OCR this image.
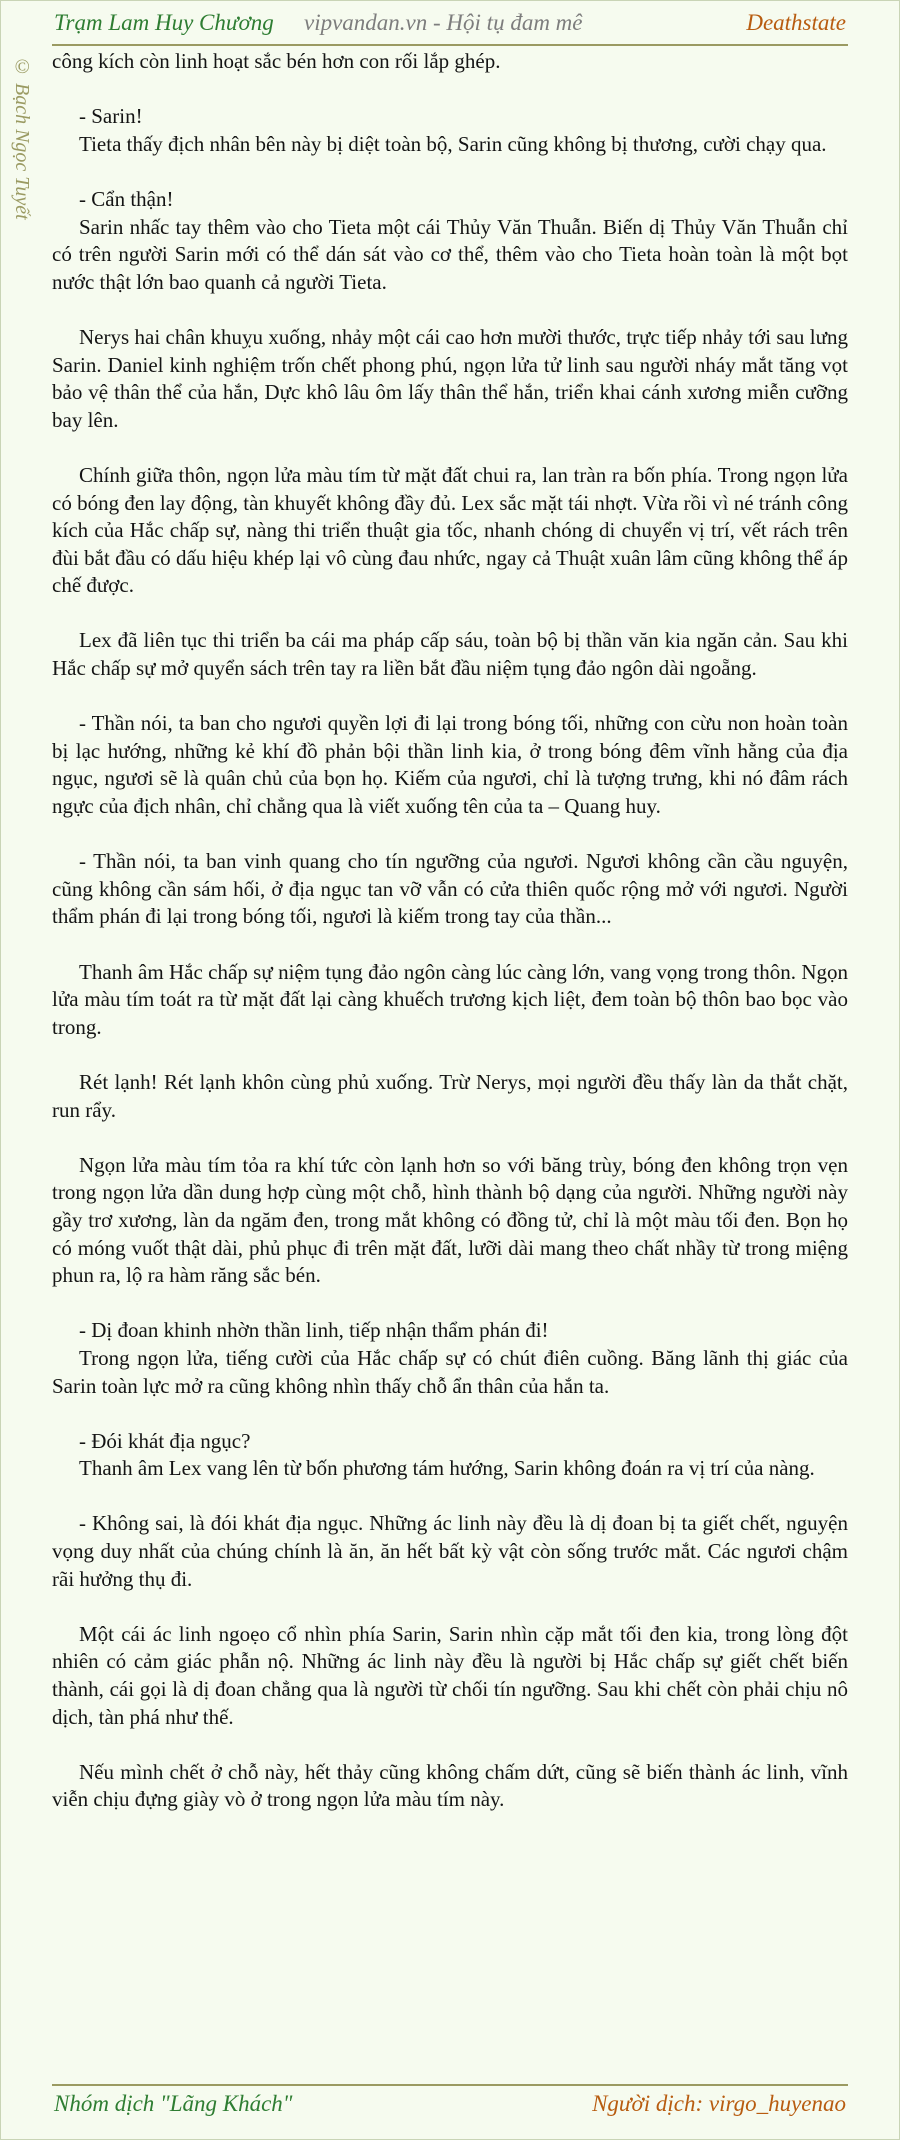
Trạm Lam Huy Chương vipvandan.vn - Hội tụ đam mê	Deathstate
© Bạch Ngọc Tuyết công kích còn linh hoạt sắc bén hơn con rối lắp ghép.

- Sarin!

Tieta thấy địch nhân bên này bị diệt toàn bộ, Sarin cũng không bị thương, cười chạy qua.

- Cẩn thận!

Sarin nhấc tay thêm vào cho Tieta một cái Thủy Văn Thuẫn. Biến dị Thủy Văn Thuẫn chỉ có trên người Sarin mới có thể dán sát vào cơ thể, thêm vào cho Tieta hoàn toàn là một bọt nước thật lớn bao quanh cả người Tieta.

Nerys hai chân khuỵu xuống, nhảy một cái cao hơn mười thước, trực tiếp nhảy tới sau lưng Sarin. Daniel kinh nghiệm trốn chết phong phú, ngọn lửa tử linh sau người nháy mắt tăng vọt bảo vệ thân thể của hắn, Dực khô lâu ôm lấy thân thể hắn, triển khai cánh xương miễn cưỡng bay lên.

Chính giữa thôn, ngọn lửa màu tím từ mặt đất chui ra, lan tràn ra bốn phía. Trong ngọn lửa có bóng đen lay động, tàn khuyết không đầy đủ. Lex sắc mặt tái nhợt. Vừa rồi vì né tránh công kích của Hắc chấp sự, nàng thi triển thuật gia tốc, nhanh chóng di chuyển vị trí, vết rách trên đùi bắt đầu có dấu hiệu khép lại vô cùng đau nhức, ngay cả Thuật xuân lâm cũng không thể áp chế được.

Lex đã liên tục thi triển ba cái ma pháp cấp sáu, toàn bộ bị thần văn kia ngăn cản. Sau khi Hắc chấp sự mở quyển sách trên tay ra liền bắt đầu niệm tụng đảo ngôn dài ngoẵng.

- Thần nói, ta ban cho ngươi quyền lợi đi lại trong bóng tối, những con cừu non hoàn toàn bị lạc hướng, những kẻ khí đồ phản bội thần linh kia, ở trong bóng đêm vĩnh hằng của địa ngục, ngươi sẽ là quân chủ của bọn họ. Kiếm của ngươi, chỉ là tượng trưng, khi nó đâm rách ngực của địch nhân, chỉ chẳng qua là viết xuống tên của ta – Quang huy.

- Thần nói, ta ban vinh quang cho tín ngưỡng của ngươi. Ngươi không cần cầu nguyện, cũng không cần sám hối, ở địa ngục tan vỡ vẫn có cửa thiên quốc rộng mở với ngươi. Người thẩm phán đi lại trong bóng tối, ngươi là kiếm trong tay của thần...

Thanh âm Hắc chấp sự niệm tụng đảo ngôn càng lúc càng lớn, vang vọng trong thôn. Ngọn lửa màu tím toát ra từ mặt đất lại càng khuếch trương kịch liệt, đem toàn bộ thôn bao bọc vào trong.

Rét lạnh! Rét lạnh khôn cùng phủ xuống. Trừ Nerys, mọi người đều thấy làn da thắt chặt, run rẩy.

Ngọn lửa màu tím tỏa ra khí tức còn lạnh hơn so với băng trùy, bóng đen không trọn vẹn trong ngọn lửa dần dung hợp cùng một chỗ, hình thành bộ dạng của người. Những người này gầy trơ xương, làn da ngăm đen, trong mắt không có đồng tử, chỉ là một màu tối đen. Bọn họ có móng vuốt thật dài, phủ phục đi trên mặt đất, lưỡi dài mang theo chất nhầy từ trong miệng phun ra, lộ ra hàm răng sắc bén.

- Dị đoan khinh nhờn thần linh, tiếp nhận thẩm phán đi!

Trong ngọn lửa, tiếng cười của Hắc chấp sự có chút điên cuồng. Băng lãnh thị giác của Sarin toàn lực mở ra cũng không nhìn thấy chỗ ẩn thân của hắn ta.

- Đói khát địa ngục?

Thanh âm Lex vang lên từ bốn phương tám hướng, Sarin không đoán ra vị trí của nàng.

- Không sai, là đói khát địa ngục. Những ác linh này đều là dị đoan bị ta giết chết, nguyện vọng duy nhất của chúng chính là ăn, ăn hết bất kỳ vật còn sống trước mắt. Các ngươi chậm rãi hưởng thụ đi.

Một cái ác linh ngoẹo cổ nhìn phía Sarin, Sarin nhìn cặp mắt tối đen kia, trong lòng đột nhiên có cảm giác phẫn nộ. Những ác linh này đều là người bị Hắc chấp sự giết chết biến thành, cái gọi là dị đoan chẳng qua là người từ chối tín ngưỡng. Sau khi chết còn phải chịu nô dịch, tàn phá như thế.

Nếu mình chết ở chỗ này, hết thảy cũng không chấm dứt, cũng sẽ biến thành ác linh, vĩnh viễn chịu đựng giày vò ở trong ngọn lửa màu tím này.

Nhóm dịch "Lãng Khách"	Người dịch: virgo_huyenao
